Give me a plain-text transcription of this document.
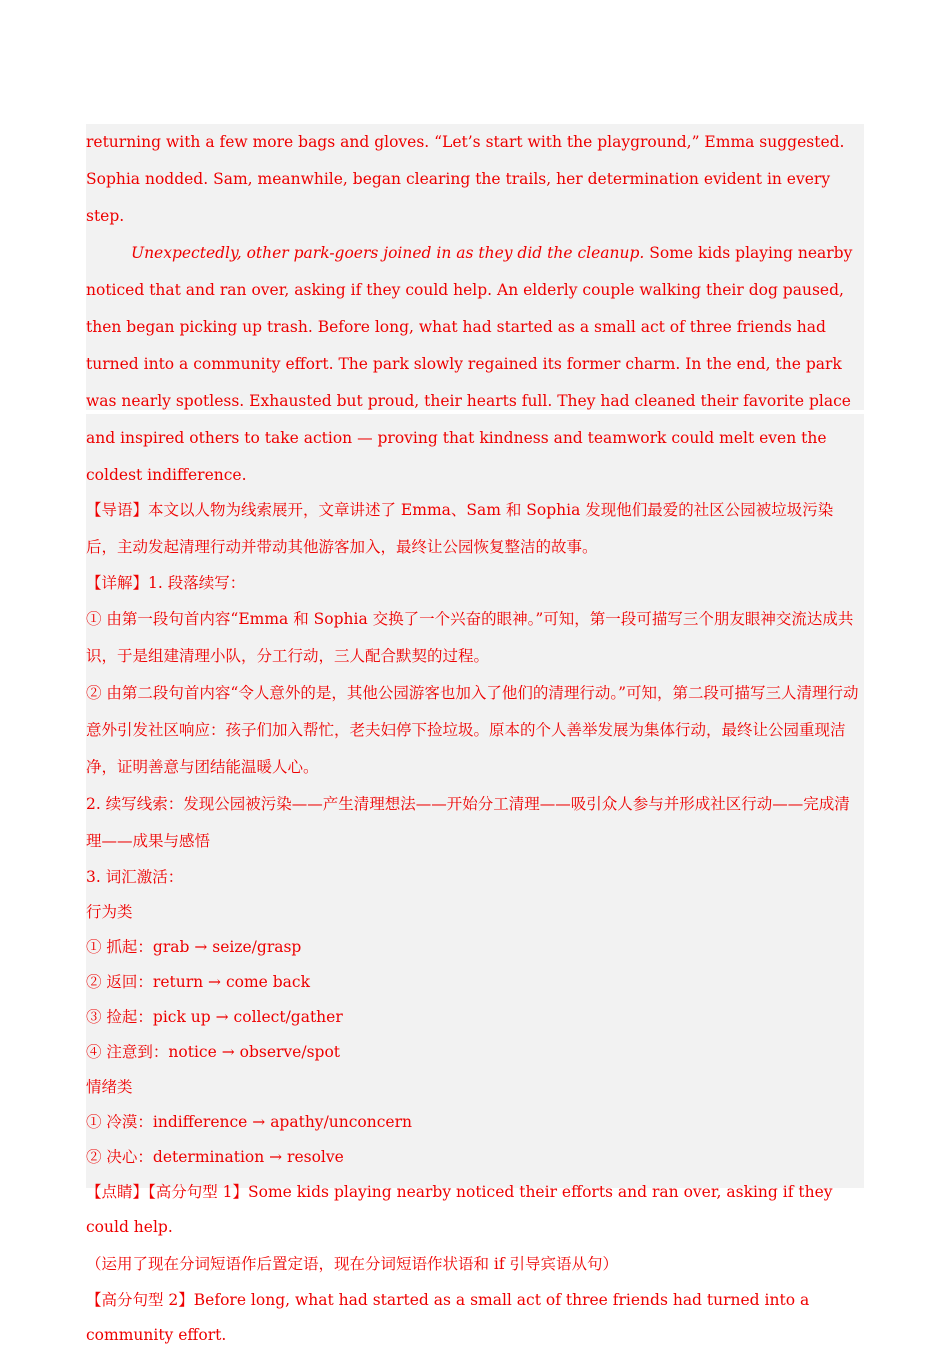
returning with a few more bags and gloves. “Let’s start with the playground,” Emma suggested. Sophia nodded. Sam, meanwhile, began clearing the trails, her determination evident in every step.

Unexpectedly, other park-goers joined in as they did the cleanup. Some kids playing nearby noticed that and ran over, asking if they could help. An elderly couple walking their dog paused, then began picking up trash. Before long, what had started as a small act of three friends had turned into a community effort. The park slowly regained its former charm. In the end, the park was nearly spotless. Exhausted but proud, their hearts full. They had cleaned their favorite place and inspired others to take action — proving that kindness and teamwork could melt even the coldest indifference.

【导语】本文以人物为线索展开，文章讲述了 Emma、Sam 和 Sophia 发现他们最爱的社区公园被垃圾污染后，主动发起清理行动并带动其他游客加入，最终让公园恢复整洁的故事。

【详解】1. 段落续写：

① 由第一段句首内容“Emma 和 Sophia 交换了一个兴奋的眼神。”可知，第一段可描写三个朋友眼神交流达成共识，于是组建清理小队，分工行动，三人配合默契的过程。

② 由第二段句首内容“令人意外的是，其他公园游客也加入了他们的清理行动。”可知，第二段可描写三人清理行动意外引发社区响应：孩子们加入帮忙，老夫妇停下捡垃圾。原本的个人善举发展为集体行动，最终让公园重现洁净，证明善意与团结能温暖人心。

2. 续写线索：发现公园被污染——产生清理想法——开始分工清理——吸引众人参与并形成社区行动——完成清理——成果与感悟

3. 词汇激活：

行为类

① 抓起：grab → seize/grasp

② 返回：return → come back

③ 捡起：pick up → collect/gather

④ 注意到：notice → observe/spot

情绪类

① 冷漠：indifference → apathy/unconcern

② 决心：determination → resolve

【点睛】【高分句型 1】Some kids playing nearby noticed their efforts and ran over, asking if they could help.

（运用了现在分词短语作后置定语，现在分词短语作状语和 if 引导宾语从句）

【高分句型 2】Before long, what had started as a small act of three friends had turned into a community effort.
